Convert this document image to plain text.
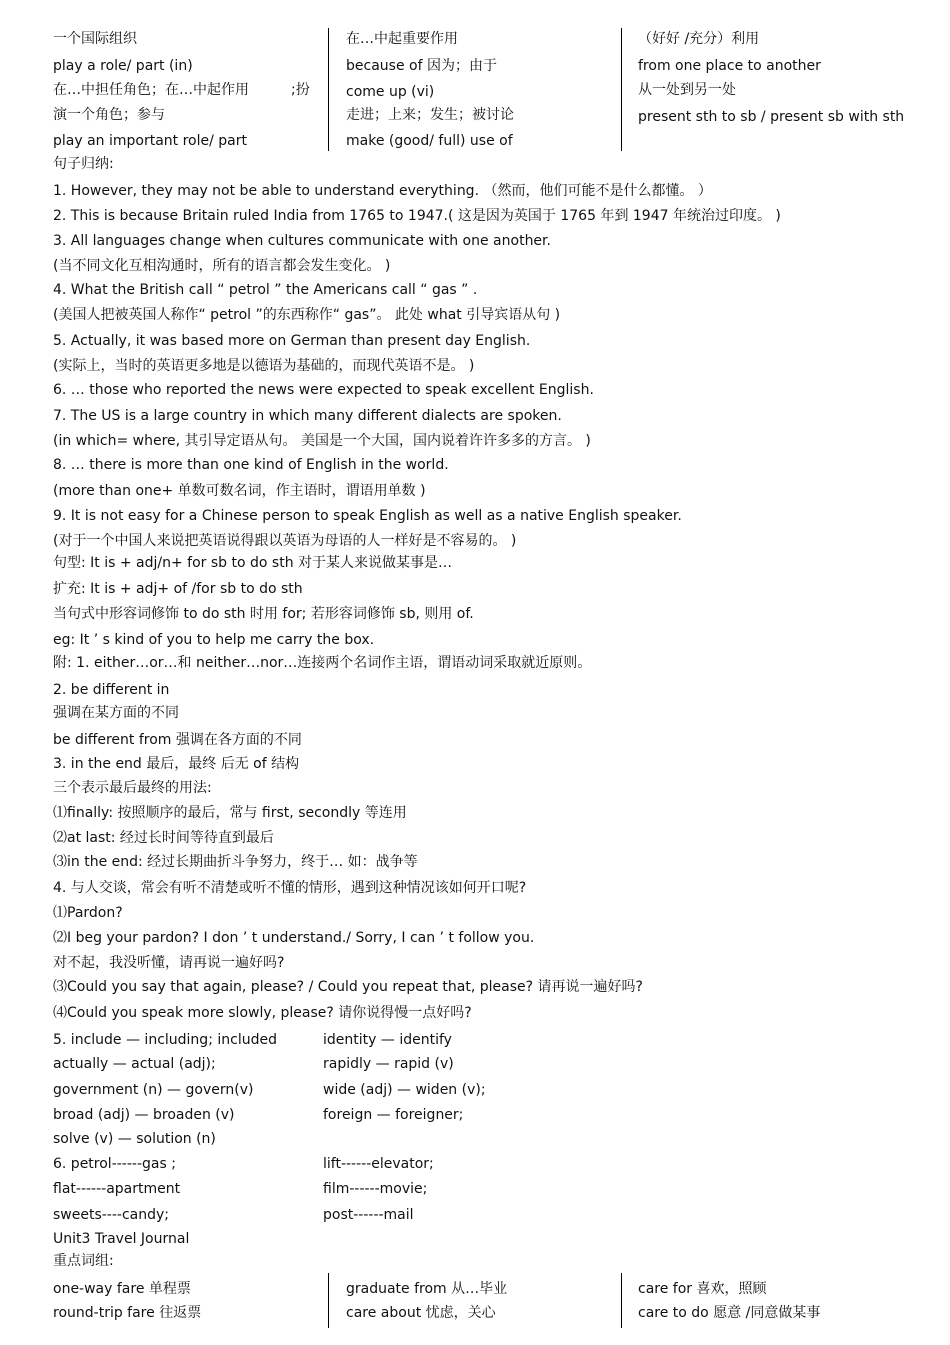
一个国际组织
play a role/ part (in)
在…中担任角色；在…中起作用	;扮
演一个角色；参与
play an important role/ part
在…中起重要作用
because of 因为；由于
come up (vi)
走进；上来；发生；被讨论
make (good/ full) use of
（好好 /充分）利用
from one place to another
从一处到另一处
present sth to sb / present sb with sth
句子归纳:
1. However, they may not be able to understand everything. （然而，他们可能不是什么都懂。 ）
2. This is because Britain ruled India from 1765 to 1947.( 这是因为英国于 1765 年到 1947 年统治过印度。 )
3. All languages change when cultures communicate with one another.
(当不同文化互相沟通时，所有的语言都会发生变化。 )
4. What the British call “ petrol ” the Americans call “ gas ” .
(美国人把被英国人称作“ petrol ”的东西称作“ gas”。 此处 what 引导宾语从句 )
5. Actually, it was based more on German than present day English.
(实际上，当时的英语更多地是以德语为基础的，而现代英语不是。 )
6. … those who reported the news were expected to speak excellent English.
7. The US is a large country in which many different dialects are spoken.
(in which= where, 其引导定语从句。 美国是一个大国，国内说着许许多多的方言。 )
8. … there is more than one kind of English in the world.
(more than one+ 单数可数名词，作主语时，谓语用单数 )
9. It is not easy for a Chinese person to speak English as well as a native English speaker.
(对于一个中国人来说把英语说得跟以英语为母语的人一样好是不容易的。 )
句型: It is + adj/n+ for sb to do sth 对于某人来说做某事是…
扩充: It is + adj+ of /for sb to do sth
当句式中形容词修饰 to do sth 时用 for; 若形容词修饰 sb, 则用 of.
eg: It ’ s kind of you to help me carry the box.
附: 1. either…or…和 neither…nor…连接两个名词作主语，谓语动词采取就近原则。
2. be different in
强调在某方面的不同
be different from 强调在各方面的不同
3. in the end 最后，最终 后无 of 结构
三个表示最后最终的用法:
⑴finally: 按照顺序的最后，常与 first, secondly 等连用
⑵at last: 经过长时间等待直到最后
⑶in the end: 经过长期曲折斗争努力，终于… 如：战争等
4. 与人交谈，常会有听不清楚或听不懂的情形，遇到这种情况该如何开口呢?
⑴Pardon?
⑵I beg your pardon? I don ’ t understand./ Sorry, I can ’ t follow you.
对不起，我没听懂，请再说一遍好吗?
⑶Could you say that again, please? / Could you repeat that, please? 请再说一遍好吗?
⑷Could you speak more slowly, please? 请你说得慢一点好吗?
5. include — including; included
actually — actual (adj);
government (n) — govern(v)
broad (adj) — broaden (v)
solve (v) — solution (n)
6. petrol------gas ;
flat------apartment
sweets----candy;
identity — identify
rapidly — rapid (v)
wide (adj) — widen (v);
foreign — foreigner;
lift------elevator;
film------movie;
post------mail
Unit3 Travel Journal
重点词组:
one-way fare 单程票
round-trip fare 往返票
graduate from 从…毕业
care about 忧虑，关心
care for 喜欢，照顾
care to do 愿意 /同意做某事
